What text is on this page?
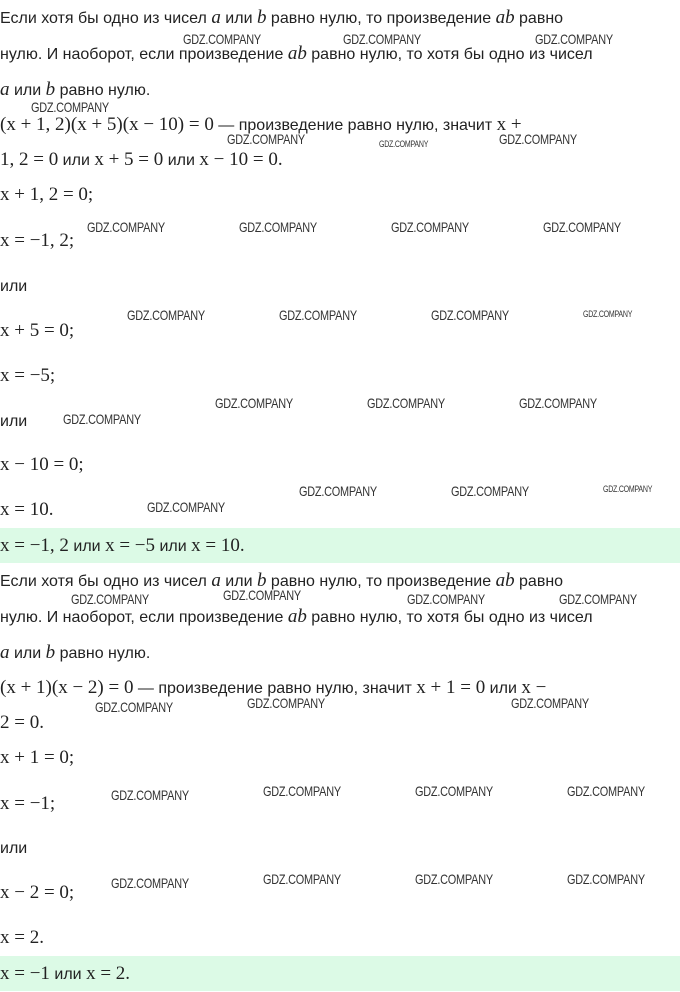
Если хотя бы одно из чисел a или b равно нулю, то произведение ab равно
нулю. И наоборот, если произведение ab равно нулю, то хотя бы одно из чисел
a или b равно нулю.
(x + 1, 2)(x + 5)(x − 10) = 0 — произведение равно нулю, значит x +
1, 2 = 0 или x + 5 = 0 или x − 10 = 0.
x + 1, 2 = 0;
x = −1, 2;
или
x + 5 = 0;
x = −5;
или
x − 10 = 0;
x = 10.
x = −1, 2 или x = −5 или x = 10.
Если хотя бы одно из чисел a или b равно нулю, то произведение ab равно
нулю. И наоборот, если произведение ab равно нулю, то хотя бы одно из чисел
a или b равно нулю.
(x + 1)(x − 2) = 0 — произведение равно нулю, значит x + 1 = 0 или x −
2 = 0.
x + 1 = 0;
x = −1;
или
x − 2 = 0;
x = 2.
x = −1 или x = 2.
GDZ.COMPANY	GDZ.COMPANY	GDZ.COMPANY
GDZ.COMPANY
GDZ.COMPANY	GDZ.COMPANY	GDZ.COMPANY
GDZ.COMPANY	GDZ.COMPANY	GDZ.COMPANY	GDZ.COMPANY
GDZ.COMPANY	GDZ.COMPANY	GDZ.COMPANY	GDZ.COMPANY
GDZ.COMPANY	GDZ.COMPANY	GDZ.COMPANY
GDZ.COMPANY
GDZ.COMPANY	GDZ.COMPANY	GDZ.COMPANY
GDZ.COMPANY
GDZ.COMPANY
GDZ.COMPANY	GDZ.COMPANY	GDZ.COMPANY
GDZ.COMPANY	GDZ.COMPANY
GDZ.COMPANY
GDZ.COMPANY	GDZ.COMPANY	GDZ.COMPANY
GDZ.COMPANY
GDZ.COMPANY	GDZ.COMPANY	GDZ.COMPANY
GDZ.COMPANY
